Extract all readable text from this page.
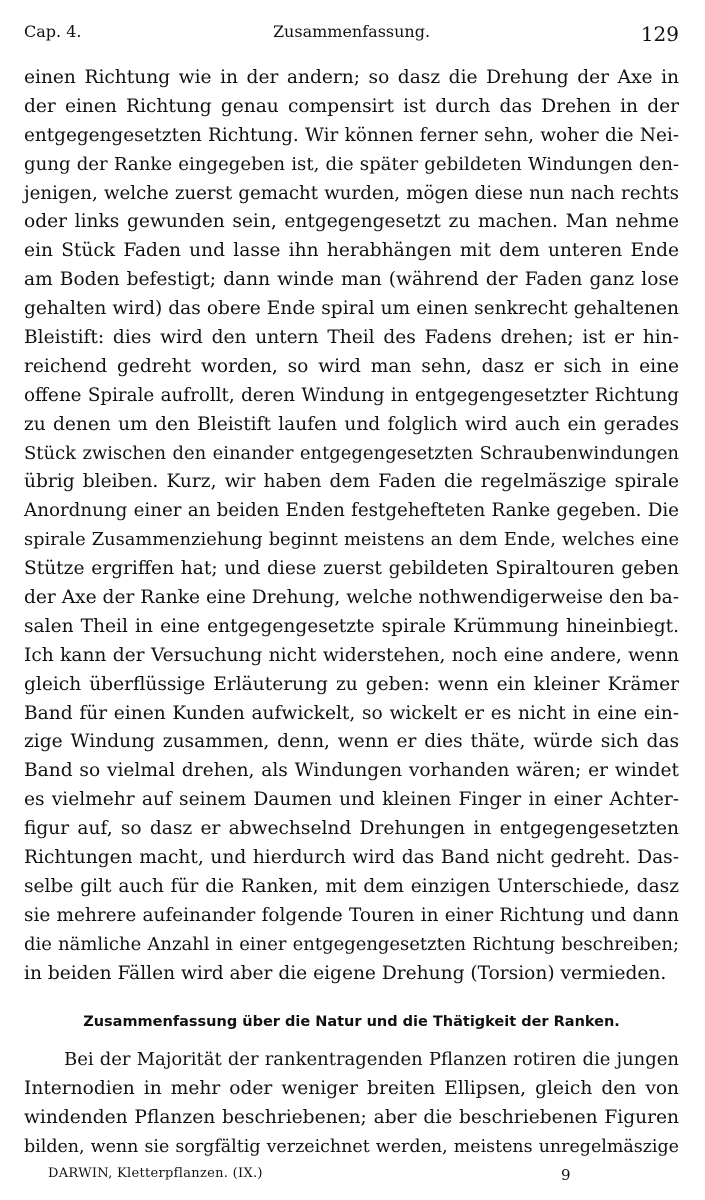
Cap. 4.	Zusammenfassung.	129
einen Richtung wie in der andern; so dasz die Drehung der Axe in
der einen Richtung genau compensirt ist durch das Drehen in der
entgegengesetzten Richtung. Wir können ferner sehn, woher die Nei-
gung der Ranke eingegeben ist, die später gebildeten Windungen den-
jenigen, welche zuerst gemacht wurden, mögen diese nun nach rechts
oder links gewunden sein, entgegengesetzt zu machen. Man nehme
ein Stück Faden und lasse ihn herabhängen mit dem unteren Ende
am Boden befestigt; dann winde man (während der Faden ganz lose
gehalten wird) das obere Ende spiral um einen senkrecht gehaltenen
Bleistift: dies wird den untern Theil des Fadens drehen; ist er hin-
reichend gedreht worden, so wird man sehn, dasz er sich in eine
offene Spirale aufrollt, deren Windung in entgegengesetzter Richtung
zu denen um den Bleistift laufen und folglich wird auch ein gerades
Stück zwischen den einander entgegengesetzten Schraubenwindungen
übrig bleiben. Kurz, wir haben dem Faden die regelmäszige spirale
Anordnung einer an beiden Enden festgehefteten Ranke gegeben. Die
spirale Zusammenziehung beginnt meistens an dem Ende, welches eine
Stütze ergriffen hat; und diese zuerst gebildeten Spiraltouren geben
der Axe der Ranke eine Drehung, welche nothwendigerweise den ba-
salen Theil in eine entgegengesetzte spirale Krümmung hineinbiegt.
Ich kann der Versuchung nicht widerstehen, noch eine andere, wenn
gleich überflüssige Erläuterung zu geben: wenn ein kleiner Krämer
Band für einen Kunden aufwickelt, so wickelt er es nicht in eine ein-
zige Windung zusammen, denn, wenn er dies thäte, würde sich das
Band so vielmal drehen, als Windungen vorhanden wären; er windet
es vielmehr auf seinem Daumen und kleinen Finger in einer Achter-
figur auf, so dasz er abwechselnd Drehungen in entgegengesetzten
Richtungen macht, und hierdurch wird das Band nicht gedreht. Das-
selbe gilt auch für die Ranken, mit dem einzigen Unterschiede, dasz
sie mehrere aufeinander folgende Touren in einer Richtung und dann
die nämliche Anzahl in einer entgegengesetzten Richtung beschreiben;
in beiden Fällen wird aber die eigene Drehung (Torsion) vermieden.
Zusammenfassung über die Natur und die Thätigkeit der Ranken.
Bei der Majorität der rankentragenden Pflanzen rotiren die jungen
Internodien in mehr oder weniger breiten Ellipsen, gleich den von
windenden Pflanzen beschriebenen; aber die beschriebenen Figuren
bilden, wenn sie sorgfältig verzeichnet werden, meistens unregelmäszige
DARWIN, Kletterpflanzen. (IX.)	9
